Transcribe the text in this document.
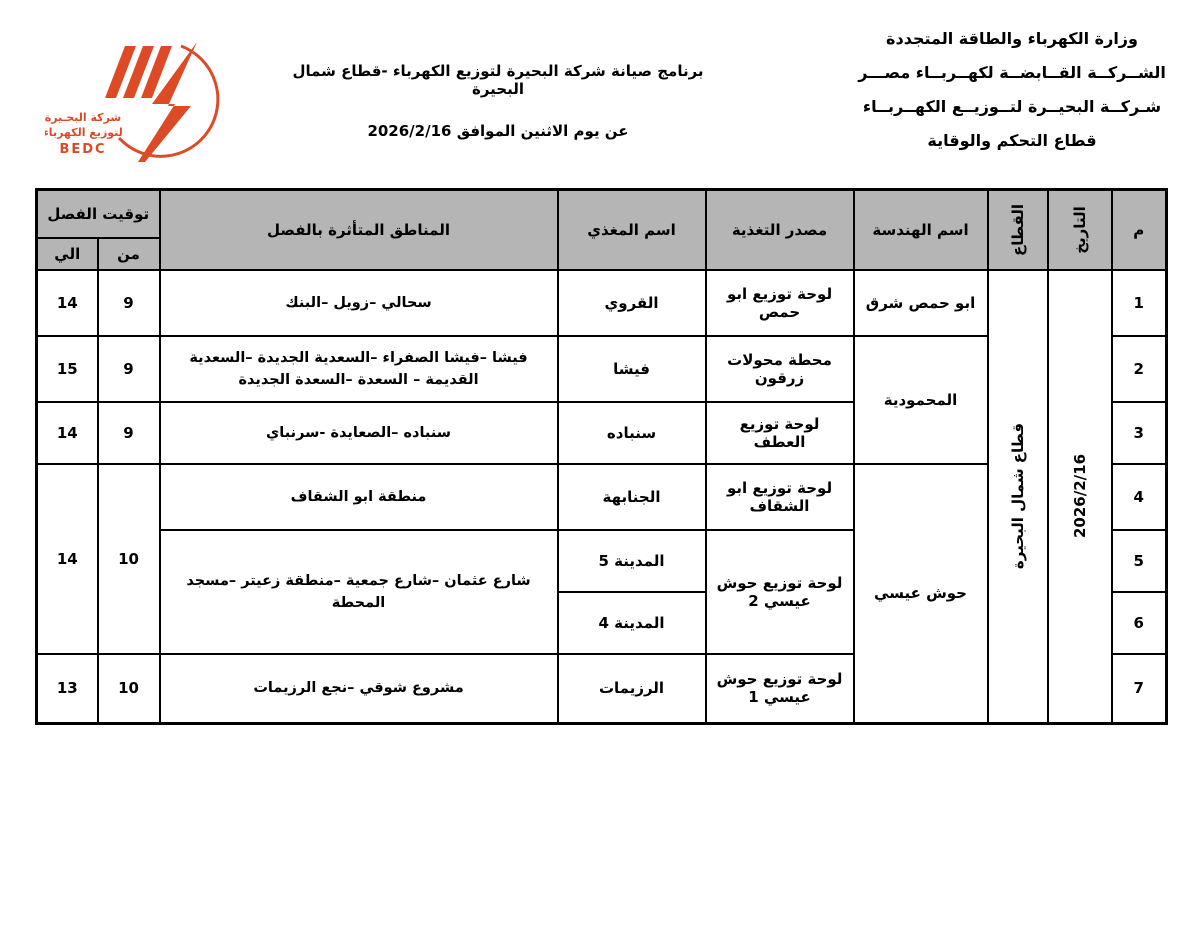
وزارة الكهرباء والطاقة المتجددة
الشــركــة القــابضــة لكهــربــاء مصـــر
شـركــة البحيــرة لتــوزيــع الكهــربــاء
قطاع التحكم والوقاية
برنامج صيانة شركة البحيرة لتوزيع الكهرباء -قطاع شمال البحيرة
عن يوم الاثنين الموافق 2026/2/16
شركة البحـيرة
لتوزيع الكهرباء
BEDC
م	التاريخ	القطاع	اسم الهندسة	مصدر التغذية	اسم المغذي	المناطق المتأثرة بالفصل	توقيت الفصل	
							من	الي
1	2026/2/16	قطاع شمال البحيرة	ابو حمص شرق	لوحة توزيع ابو حمص	القروي	سحالي –زويل –البنك	9	14
2			المحمودية	محطة محولات زرقون	فيشا	فيشا –فيشا الصفراء –السعدية الجديدة –السعدية القديمة – السعدة –السعدة الجديدة	9	15
3				لوحة توزيع العطف	سنباده	سنباده –الصعايدة -سرنباي	9	14
4			حوش عيسي	لوحة توزيع ابو الشقاف	الجنابهة	منطقة ابو الشقاف	10	14
5				لوحة توزيع حوش عيسي 2	المدينة 5	شارع عثمان –شارع جمعية –منطقة زعيتر –مسجد المحطة		
6					المدينة 4			
7				لوحة توزيع حوش عيسي 1	الرزيمات	مشروع شوقي –نجع الرزيمات	10	13
